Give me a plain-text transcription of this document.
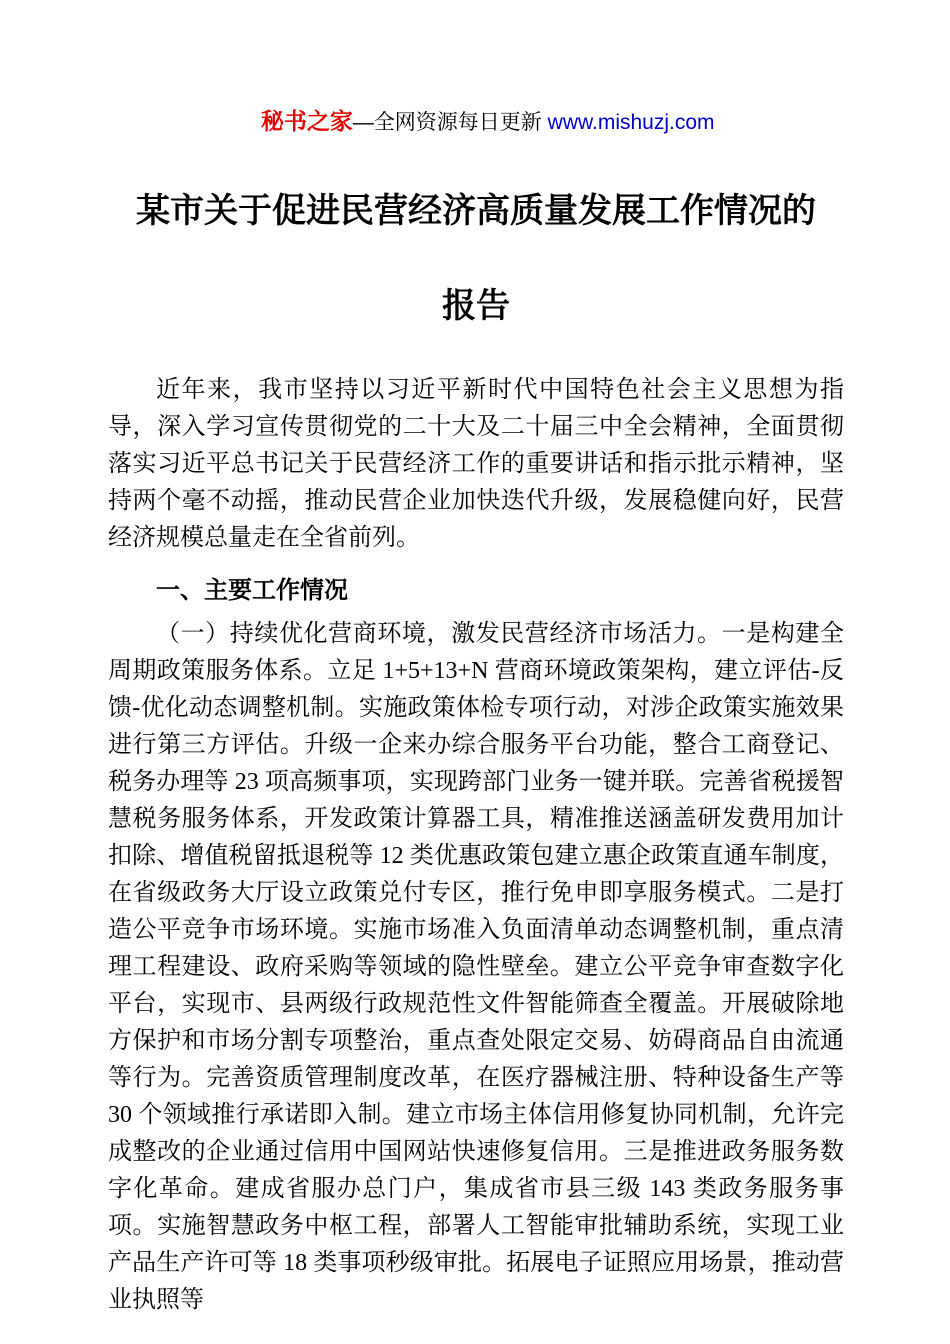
秘书之家—全网资源每日更新 www.mishuzj.com

某市关于促进民营经济高质量发展工作情况的
报告

近年来，我市坚持以习近平新时代中国特色社会主义思想为指导，深入学习宣传贯彻党的二十大及二十届三中全会精神，全面贯彻落实习近平总书记关于民营经济工作的重要讲话和指示批示精神，坚持两个毫不动摇，推动民营企业加快迭代升级，发展稳健向好，民营经济规模总量走在全省前列。

一、主要工作情况

（一）持续优化营商环境，激发民营经济市场活力。一是构建全周期政策服务体系。立足 1+5+13+N 营商环境政策架构，建立评估-反馈-优化动态调整机制。实施政策体检专项行动，对涉企政策实施效果进行第三方评估。升级一企来办综合服务平台功能，整合工商登记、税务办理等 23 项高频事项，实现跨部门业务一键并联。完善省税援智慧税务服务体系，开发政策计算器工具，精准推送涵盖研发费用加计扣除、增值税留抵退税等 12 类优惠政策包建立惠企政策直通车制度，在省级政务大厅设立政策兑付专区，推行免申即享服务模式。二是打造公平竞争市场环境。实施市场准入负面清单动态调整机制，重点清理工程建设、政府采购等领域的隐性壁垒。建立公平竞争审查数字化平台，实现市、县两级行政规范性文件智能筛查全覆盖。开展破除地方保护和市场分割专项整治，重点查处限定交易、妨碍商品自由流通等行为。完善资质管理制度改革，在医疗器械注册、特种设备生产等 30 个领域推行承诺即入制。建立市场主体信用修复协同机制，允许完成整改的企业通过信用中国网站快速修复信用。三是推进政务服务数字化革命。建成省服办总门户，集成省市县三级 143 类政务服务事项。实施智慧政务中枢工程，部署人工智能审批辅助系统，实现工业产品生产许可等 18 类事项秒级审批。拓展电子证照应用场景，推动营业执照等
